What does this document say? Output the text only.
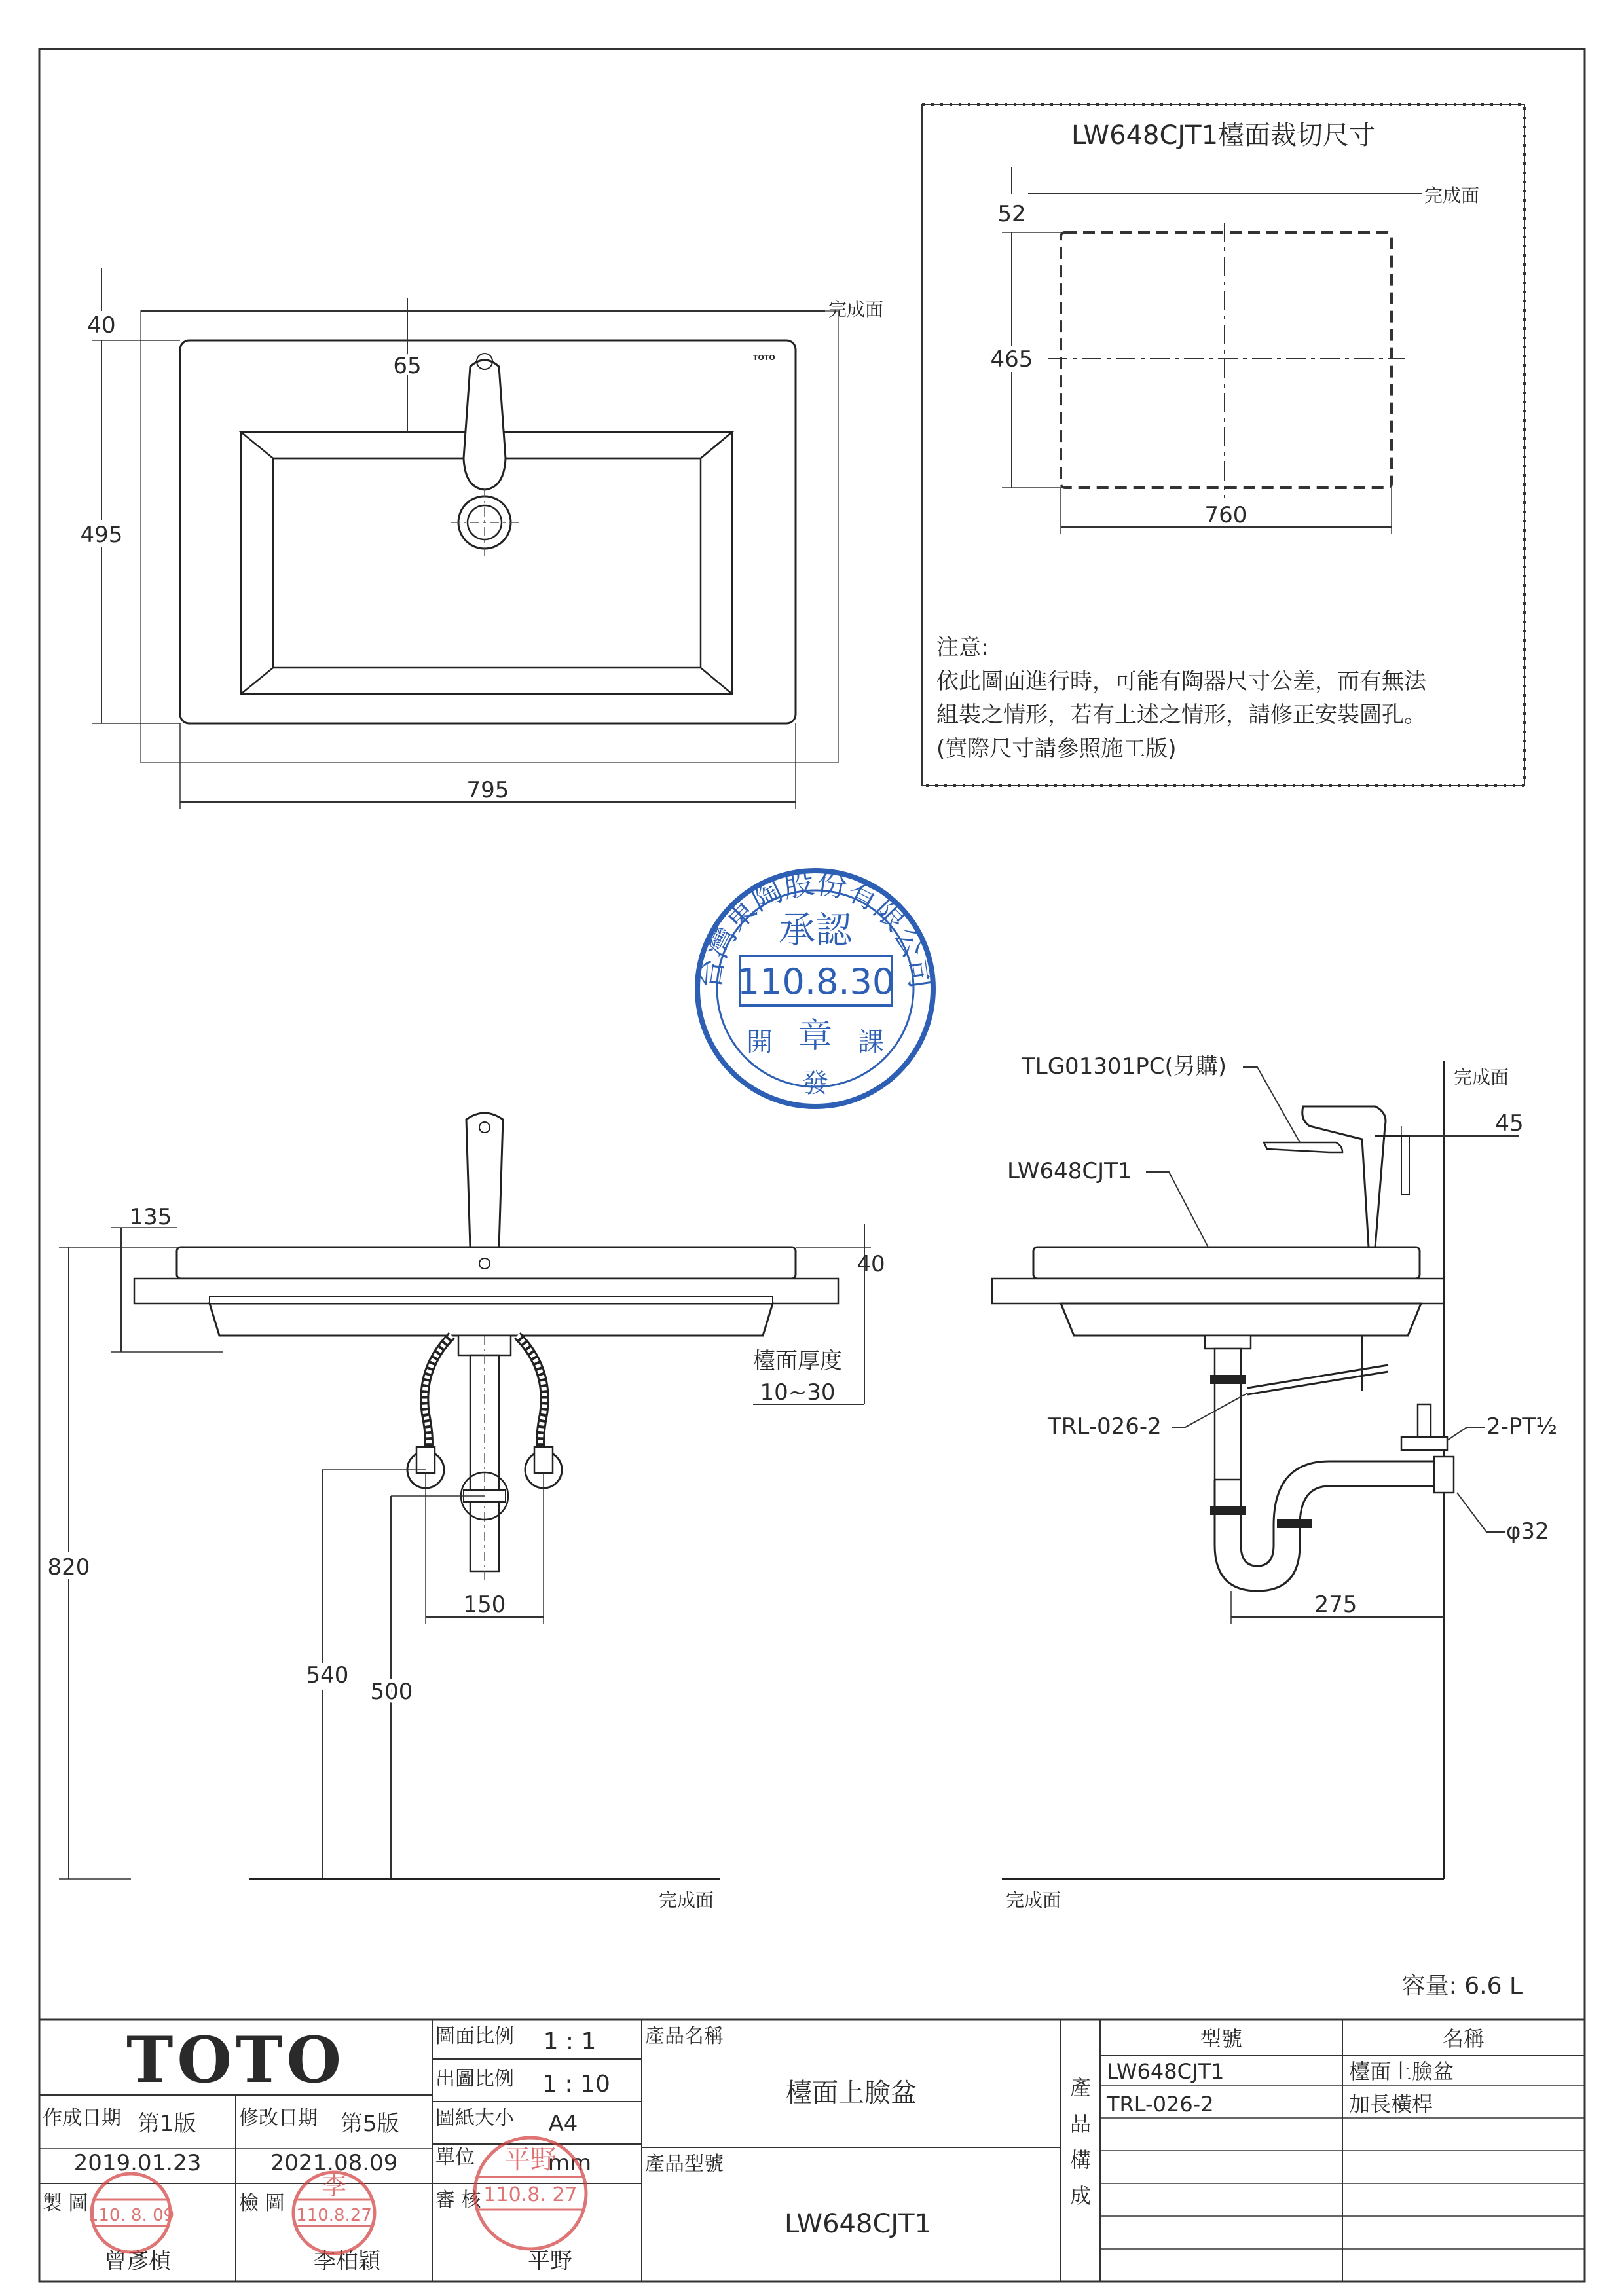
LW648CJT1檯面裁切尺寸
完成面
52
465
760
注意:
依此圖面進行時，可能有陶器尺寸公差，而有無法
組裝之情形，若有上述之情形，請修正安裝圖孔。
(實際尺寸請參照施工版)
完成面
TOTO
65
40
495
795
台灣東陶股份有限公司
承認
110.8.30
章
開
發
課
135
40
檯面厚度
10~30
820
540
500
150
完成面
完成面
完成面
45
275
TLG01301PC(另購)
LW648CJT1
TRL-026-2	2-PT½
φ32
容量: 6.6 L
TOTO
作成日期 第1版
2019.01.23
修改日期 第5版
2021.08.09
製 圖
曾彥楨
檢 圖
李柏穎
圖面比例 1 : 1
出圖比例 1 : 10
圖紙大小 A4
單位	mm
審 核
平野
產品名稱
檯面上臉盆
產品型號
LW648CJT1
產
品
構
成
型號	名稱
LW648CJT1	檯面上臉盆
TRL-026-2	加長橫桿
110. 8. 09
李
110.8.27
平野
110.8. 27
